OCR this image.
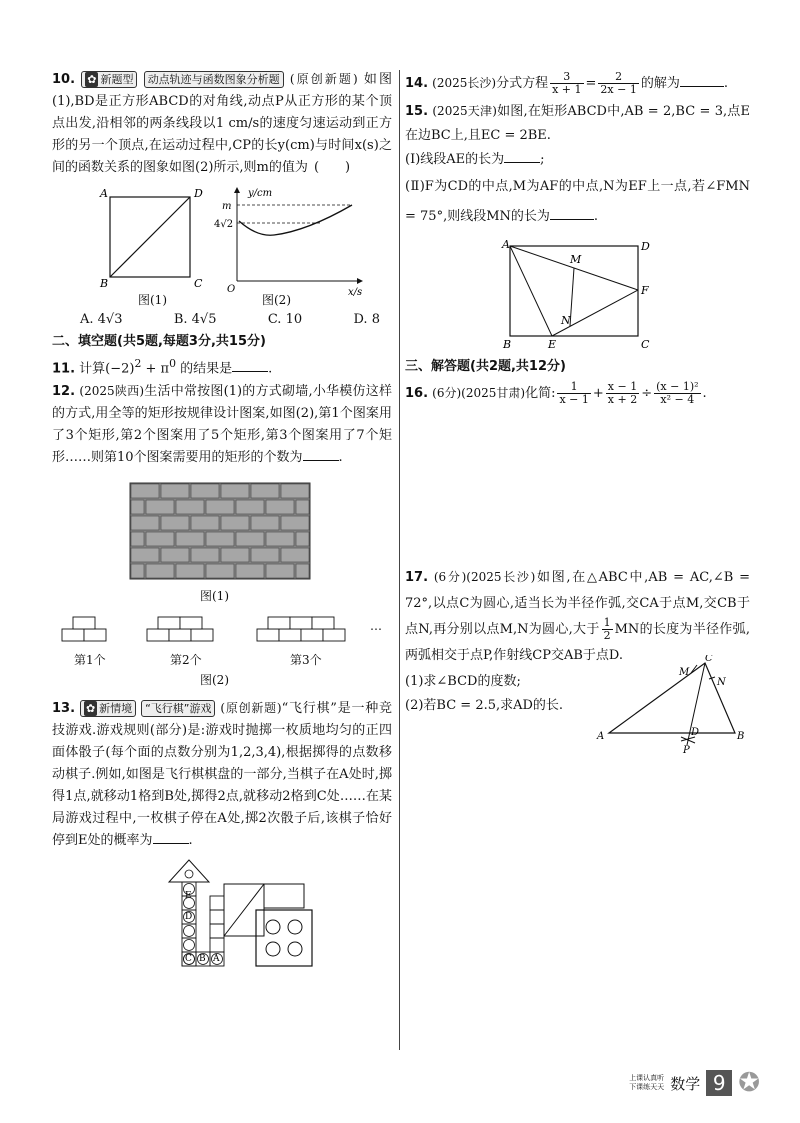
10. ✿ 新题型 动点轨迹与函数图象分析题 (原创新题) 如图(1),BD是正方形ABCD的对角线,动点P从正方形的某个顶点出发,沿相邻的两条线段以1 cm/s的速度匀速运动到正方形的另一个顶点,在运动过程中,CP的长y(cm)与时间x(s)之间的函数关系的图象如图(2)所示,则m的值为 (　　)
A	D
B	C
y/cm
x/s
O
m
4√2
图(1)	图(2)
A. 4√3	B. 4√5	C. 10	D. 8
二、填空题(共5题,每题3分,共15分)
11. 计算$(-2)^2 + \pi^0$ 的结果是	.
12. (2025陕西)生活中常按图(1)的方式砌墙,小华模仿这样的方式,用全等的矩形按规律设计图案,如图(2),第1个图案用了3个矩形,第2个图案用了5个矩形,第3个图案用了7个矩形……则第10个图案需要用的矩形的个数为	.
图(1)
第1个	第2个	第3个
…
图(2)
13. ✿ 新情境 “飞行棋”游戏 (原创新题)“飞行棋”是一种竞技游戏.游戏规则(部分)是:游戏时抛掷一枚质地均匀的正四面体骰子(每个面的点数分别为1,2,3,4),根据掷得的点数移动棋子.例如,如图是飞行棋棋盘的一部分,当棋子在A处时,掷得1点,就移动1格到B处,掷得2点,就移动2格到C处……在某局游戏过程中,一枚棋子停在A处,掷2次骰子后,该棋子恰好停到E处的概率为	.
E
D
C B A
14. (2025长沙)分式方程 $\frac{3}{x + 1} = \frac{2}{2x - 1}$ 的解为	.
15. (2025天津)如图,在矩形ABCD中,AB = 2,BC = 3,点E在边BC上,且EC = 2BE.
(Ⅰ)线段AE的长为	;
(Ⅱ)F为CD的中点,M为AF的中点,N为EF上一点,若∠FMN = 75°,则线段MN的长为	.
A	D
M
F
N
B	E	C
三、解答题(共2题,共12分)
16. (6分)(2025甘肃)化简: $\frac{1}{x - 1} + \frac{x - 1}{x + 2} \div \frac{\text{(x − 1)²}}{\text{x² − 4}}$ .
17. (6分)(2025长沙)如图,在△ABC中,AB = AC,∠B = 72°,以点C为圆心,适当长为半径作弧,交CA于点M,交CB于点N,再分别以点M,N为圆心,大于 $\frac{1}{2}$ MN的长度为半径作弧,两弧相交于点P,作射线CP交AB于点D.
(1)求∠BCD的度数;
(2)若BC = 2.5,求AD的长.
C
M
N
A	D	B
P
上课认真听
下课练天天 数学 9 ✪
